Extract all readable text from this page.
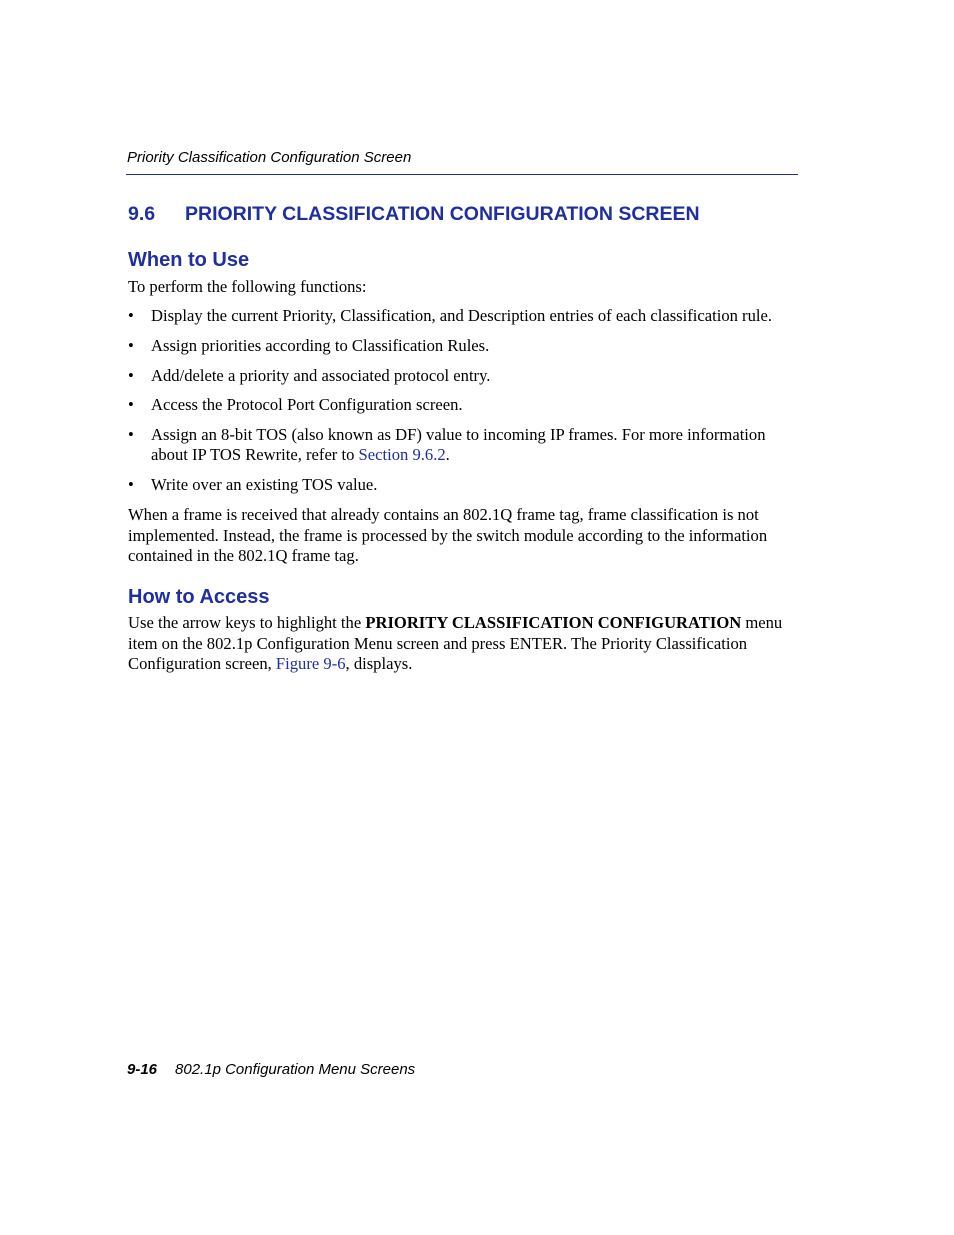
Priority Classification Configuration Screen
9.6 PRIORITY CLASSIFICATION CONFIGURATION SCREEN
When to Use

To perform the following functions:

• Display the current Priority, Classification, and Description entries of each classification rule.
• Assign priorities according to Classification Rules.
• Add/delete a priority and associated protocol entry.
• Access the Protocol Port Configuration screen.
• Assign an 8-bit TOS (also known as DF) value to incoming IP frames. For more information about IP TOS Rewrite, refer to Section 9.6.2.
• Write over an existing TOS value.

When a frame is received that already contains an 802.1Q frame tag, frame classification is not implemented. Instead, the frame is processed by the switch module according to the information contained in the 802.1Q frame tag.

How to Access

Use the arrow keys to highlight the PRIORITY CLASSIFICATION CONFIGURATION menu item on the 802.1p Configuration Menu screen and press ENTER. The Priority Classification Configuration screen, Figure 9-6, displays.

9-16 802.1p Configuration Menu Screens
